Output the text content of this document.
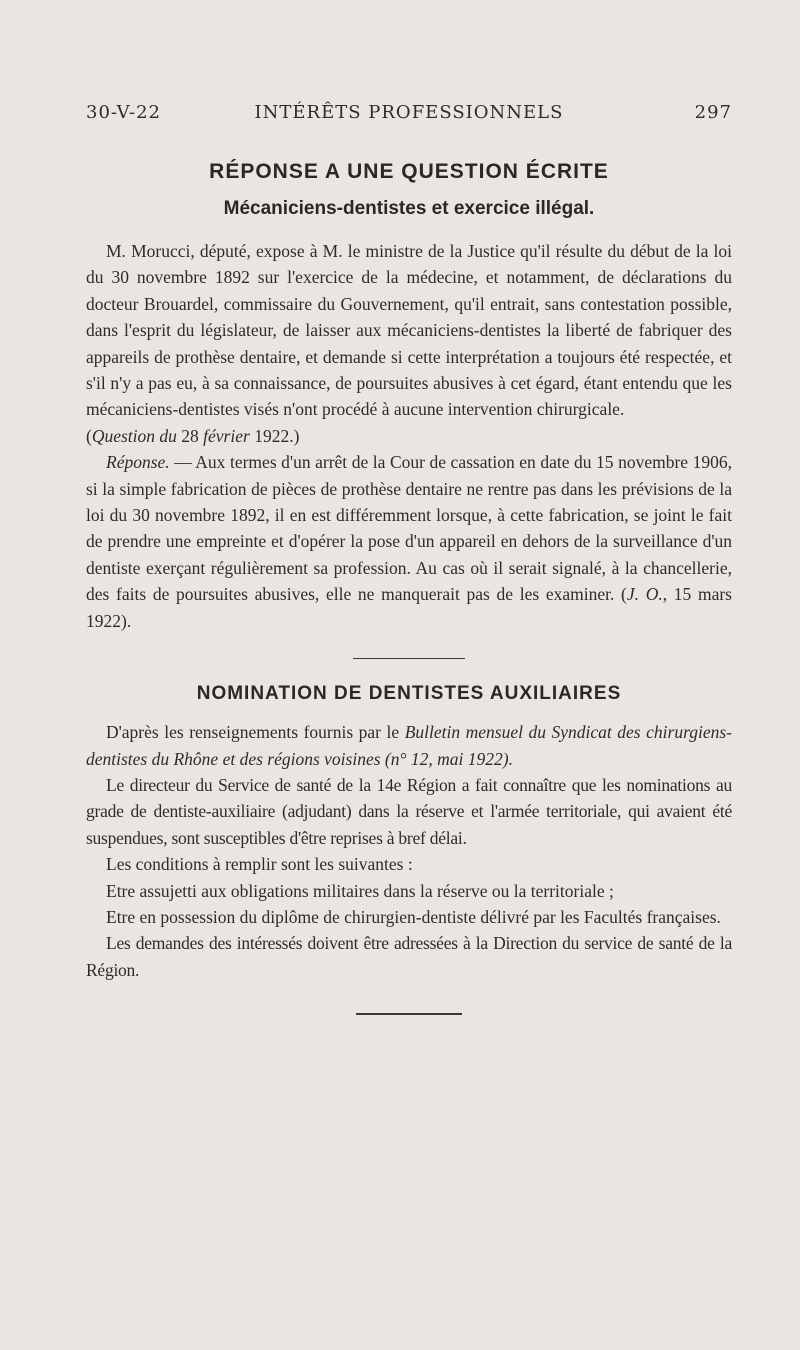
30-V-22	INTÉRÊTS PROFESSIONNELS	297
RÉPONSE A UNE QUESTION ÉCRITE
Mécaniciens-dentistes et exercice illégal.

M. Morucci, député, expose à M. le ministre de la Justice qu'il résulte du début de la loi du 30 novembre 1892 sur l'exercice de la médecine, et notamment, de déclarations du docteur Brouardel, commissaire du Gouvernement, qu'il entrait, sans contestation possible, dans l'esprit du législateur, de laisser aux mécaniciens-dentistes la liberté de fabriquer des appareils de prothèse dentaire, et demande si cette interprétation a toujours été respectée, et s'il n'y a pas eu, à sa connaissance, de poursuites abusives à cet égard, étant entendu que les mécaniciens-dentistes visés n'ont procédé à aucune intervention chirurgicale.

(Question du 28 février 1922.)

Réponse. — Aux termes d'un arrêt de la Cour de cassation en date du 15 novembre 1906, si la simple fabrication de pièces de prothèse dentaire ne rentre pas dans les prévisions de la loi du 30 novembre 1892, il en est différemment lorsque, à cette fabrication, se joint le fait de prendre une empreinte et d'opérer la pose d'un appareil en dehors de la surveillance d'un dentiste exerçant régulièrement sa profession. Au cas où il serait signalé, à la chancellerie, des faits de poursuites abusives, elle ne manquerait pas de les examiner. (J. O., 15 mars 1922).

NOMINATION DE DENTISTES AUXILIAIRES

D'après les renseignements fournis par le Bulletin mensuel du Syndicat des chirurgiens-dentistes du Rhône et des régions voisines (n° 12, mai 1922).

Le directeur du Service de santé de la 14e Région a fait connaître que les nominations au grade de dentiste-auxiliaire (adjudant) dans la réserve et l'armée territoriale, qui avaient été suspendues, sont susceptibles d'être reprises à bref délai.

Les conditions à remplir sont les suivantes :

Etre assujetti aux obligations militaires dans la réserve ou la territoriale ;

Etre en possession du diplôme de chirurgien-dentiste délivré par les Facultés françaises.

Les demandes des intéressés doivent être adressées à la Direction du service de santé de la Région.
